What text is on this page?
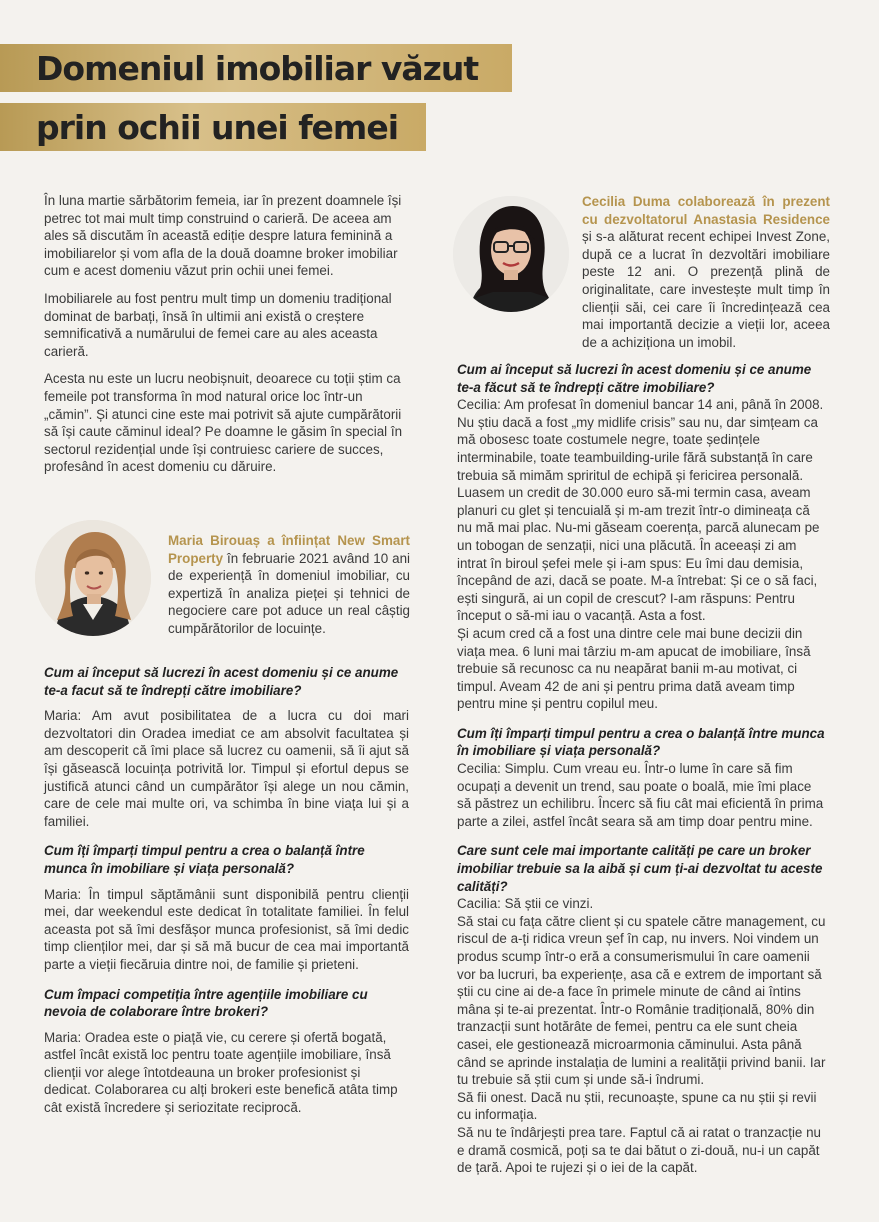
Domeniul imobiliar văzut
prin ochii unei femei

În luna martie sărbătorim femeia, iar în prezent doamnele își petrec tot mai mult timp construind o carieră. De aceea am ales să discutăm în această ediție despre latura feminină a imobiliarelor și vom afla de la două doamne broker imobiliar cum e acest domeniu văzut prin ochii unei femei.

Imobiliarele au fost pentru mult timp un domeniu tradițional dominat de barbați, însă în ultimii ani există o creștere semnificativă a numărului de femei care au ales aceasta carieră.

Acesta nu este un lucru neobișnuit, deoarece cu toții știm ca femeile pot transforma în mod natural orice loc într-un „cămin”. Și atunci cine este mai potrivit să ajute cumpărătorii să își caute căminul ideal? Pe doamne le găsim în special în sectorul rezidențial unde își contruiesc cariere de succes, profesând în acest domeniu cu dăruire.

Maria Birouaș a înființat New Smart Property în februarie 2021 având 10 ani de experiență în domeniul imobiliar, cu expertiză în analiza pieței și tehnici de negociere care pot aduce un real câștig cumpărătorilor de locuințe.

Cum ai început să lucrezi în acest domeniu și ce anume te-a facut să te îndrepți către imobiliare?

Maria: Am avut posibilitatea de a lucra cu doi mari dezvoltatori din Oradea imediat ce am absolvit facultatea și am descoperit că îmi place să lucrez cu oamenii, să îi ajut să își găsească locuința potrivită lor. Timpul și efortul depus se justifică atunci când un cumpărător își alege un nou cămin, care de cele mai multe ori, va schimba în bine viața lui și a familiei.

Cum îți împarți timpul pentru a crea o balanță între munca în imobiliare și viața personală?

Maria: În timpul săptămânii sunt disponibilă pentru clienții mei, dar weekendul este dedicat în totalitate familiei. În felul aceasta pot să îmi desfășor munca profesionist, să îmi dedic timp clienților mei, dar și să mă bucur de cea mai importantă parte a vieții fiecăruia dintre noi, de familie și prieteni.

Cum împaci competiția între agențiile imobiliare cu nevoia de colaborare între brokeri?

Maria: Oradea este o piață vie, cu cerere și ofertă bogată, astfel încât există loc pentru toate agențiile imobiliare, însă clienții vor alege întotdeauna un broker profesionist și dedicat. Colaborarea cu alți brokeri este benefică atâta timp cât există încredere și seriozitate reciprocă.

Cecilia Duma colaborează în prezent cu dezvoltatorul Anastasia Residence și s-a alăturat recent echipei Invest Zone, după ce a lucrat în dezvoltări imobiliare peste 12 ani. O prezență plină de originalitate, care investește mult timp în clienții săi, cei care îi încredințează cea mai importantă decizie a vieții lor, aceea de a achiziționa un imobil.

Cum ai început să lucrezi în acest domeniu și ce anume te-a făcut să te îndrepți către imobiliare?

Cecilia: Am profesat în domeniul bancar 14 ani, până în 2008. Nu știu dacă a fost „my midlife crisis” sau nu, dar simțeam ca mă obosesc toate costumele negre, toate ședințele interminabile, toate teambuilding-urile fără substanță în care trebuia să mimăm spriritul de echipă și fericirea personală. Luasem un credit de 30.000 euro să-mi termin casa, aveam planuri cu glet și tencuială și m-am trezit într-o dimineața că nu mă mai plac. Nu-mi găseam coerența, parcă alunecam pe un tobogan de senzații, nici una plăcută. În aceeași zi am intrat în biroul șefei mele și i-am spus: Eu îmi dau demisia, începând de azi, dacă se poate. M-a întrebat: Și ce o să faci, ești singură, ai un copil de crescut? I-am răspuns: Pentru început o să-mi iau o vacanță. Asta a fost.

Și acum cred că a fost una dintre cele mai bune decizii din viața mea. 6 luni mai târziu m-am apucat de imobiliare, însă trebuie să recunosc ca nu neapărat banii m-au motivat, ci timpul. Aveam 42 de ani și pentru prima dată aveam timp pentru mine și pentru copilul meu.

Cum îți împarți timpul pentru a crea o balanță între munca în imobiliare și viața personală?

Cecilia: Simplu. Cum vreau eu. Într-o lume în care să fim ocupați a devenit un trend, sau poate o boală, mie îmi place să păstrez un echilibru. Încerc să fiu cât mai eficientă în prima parte a zilei, astfel încât seara să am timp doar pentru mine.

Care sunt cele mai importante calități pe care un broker imobiliar trebuie sa la aibă și cum ți-ai dezvoltat tu aceste calități?

Cacilia: Să știi ce vinzi.

Să stai cu fața către client și cu spatele către management, cu riscul de a-ți ridica vreun șef în cap, nu invers. Noi vindem un produs scump într-o eră a consumerismului în care oamenii vor ba lucruri, ba experiențe, asa că e extrem de important să știi cu cine ai de-a face în primele minute de când ai întins mâna și te-ai prezentat. Într-o Românie tradițională, 80% din tranzacții sunt hotărâte de femei, pentru ca ele sunt cheia casei, ele gestionează microarmonia căminului. Asta până când se aprinde instalația de lumini a realității privind banii. Iar tu trebuie să știi cum și unde să-i îndrumi.

Să fii onest. Dacă nu știi, recunoaște, spune ca nu știi și revii cu informația.

Să nu te îndârjești prea tare. Faptul că ai ratat o tranzacție nu e dramă cosmică, poți sa te dai bătut o zi-două, nu-i un capăt de țară. Apoi te rujezi și o iei de la capăt.
